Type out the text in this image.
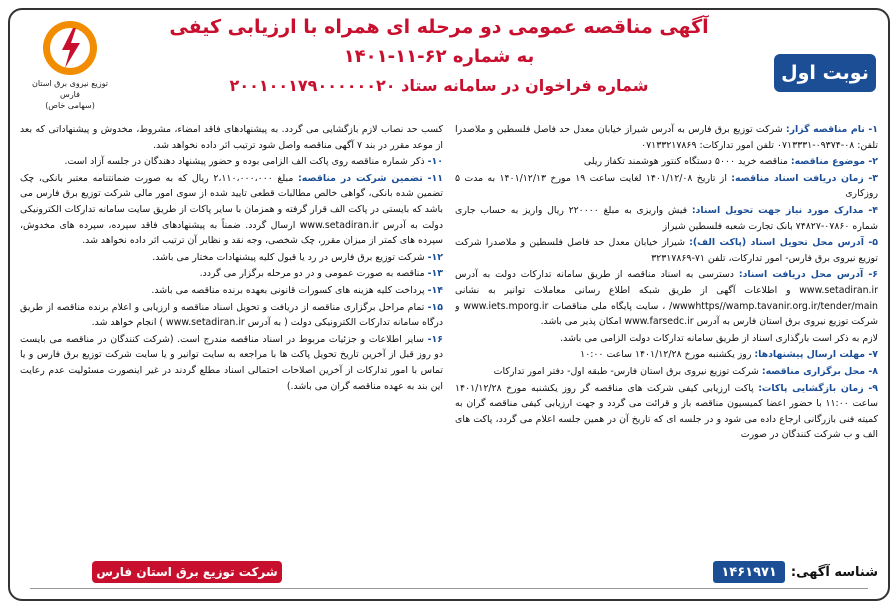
توزیع نیروی برق استان فارس
(سهامی خاص)
آگهی مناقصه عمومی دو مرحله ای همراه با ارزیابی کیفی
به شماره ۶۲-۱۱-۱۴۰۱
شماره فراخوان در سامانه ستاد ۲۰۰۱۰۰۱۷۹۰۰۰۰۰۰۲۰
نوبت اول

۱- نام مناقصه گزار: شرکت توزیع برق فارس به آدرس شیراز خیابان معدل حد فاصل فلسطین و ملاصدرا تلفن: ۰۸-۰۹۳۷۴-۰۷۱۳۳۳۱ تلفن امور تدارکات: ۰۷۱۳۳۲۱۷۸۶۹

۲- موضوع مناقصه: مناقصه خرید ۵۰۰۰ دستگاه کنتور هوشمند تکفاز ریلی

۳- زمان دریافت اسناد مناقصه: از تاریخ ۱۴۰۱/۱۲/۰۸ لغایت ساعت ۱۹ مورخ ۱۴۰۱/۱۲/۱۳ به مدت ۵ روزکاری

۴- مدارک مورد نیاز جهت تحویل اسناد: فیش واریزی به مبلغ ۲۲۰۰۰۰ ریال واریز به حساب جاری شماره ۰۷۸۶۰-۷۴۸۲۷ بانک تجارت شعبه فلسطین شیراز

۵- آدرس محل تحویل اسناد (پاکت الف): شیراز خیابان معدل حد فاصل فلسطین و ملاصدرا شرکت توزیع نیروی برق فارس- امور تدارکات، تلفن ۷۱-۳۲۳۱۷۸۶۹

۶- آدرس محل دریافت اسناد: دسترسی به اسناد مناقصه از طریق سامانه تدارکات دولت به آدرس www.setadiran.ir و اطلاعات آگهی از طریق شبکه اطلاع رسانی معاملات توانیر به نشانی wwwhttps//wamp.tavanir.org.ir/tender/main/ ، سایت پایگاه ملی مناقصات www.iets.mporg.ir و شرکت توزیع نیروی برق استان فارس به آدرس www.farsedc.ir امکان پذیر می باشد.

لازم به ذکر است بارگذاری اسناد از طریق سامانه تدارکات دولت الزامی می باشد.

۷- مهلت ارسال پیشنهادها: روز یکشنبه مورخ ۱۴۰۱/۱۲/۲۸ ساعت ۱۰:۰۰

۸- محل برگزاری مناقصه: شرکت توزیع نیروی برق استان فارس- طبقه اول- دفتر امور تدارکات

۹- زمان بازگشایی پاکات: پاکت ارزیابی کیفی شرکت های مناقصه گر روز یکشنبه مورخ ۱۴۰۱/۱۲/۲۸ ساعت ۱۱:۰۰ با حضور اعضا کمیسیون مناقصه باز و قرائت می گردد و جهت ارزیابی کیفی مناقصه گران به کمیته فنی بازرگانی ارجاع داده می شود و در جلسه ای که تاریخ آن در همین جلسه اعلام می گردد، پاکت های الف و ب شرکت کنندگان در صورت

کسب حد نصاب لازم بازگشایی می گردد. به پیشنهادهای فاقد امضاء، مشروط، مخدوش و پیشنهاداتی که بعد از موعد مقرر در بند ۷ آگهی مناقصه واصل شود ترتیب اثر داده نخواهد شد.

۱۰- ذکر شماره مناقصه روی پاکت الف الزامی بوده و حضور پیشنهاد دهندگان در جلسه آزاد است.

۱۱- تضمین شرکت در مناقصه: مبلغ ۲،۱۱۰،۰۰۰،۰۰۰ ریال که به صورت ضمانتنامه معتبر بانکی، چک تضمین شده بانکی، گواهی خالص مطالبات قطعی تایید شده از سوی امور مالی شرکت توزیع برق فارس می باشد که بایستی در پاکت الف قرار گرفته و همزمان با سایر پاکات از طریق سایت سامانه تدارکات الکترونیکی دولت به آدرس www.setadiran.ir ارسال گردد. ضمناً به پیشنهادهای فاقد سپرده، سپرده های مخدوش، سپرده های کمتر از میزان مقرر، چک شخصی، وجه نقد و نظایر آن ترتیب اثر داده نخواهد شد.

۱۲- شرکت توزیع برق فارس در رد یا قبول کلیه پیشنهادات مختار می باشد.

۱۳- مناقصه به صورت عمومی و در دو مرحله برگزار می گردد.

۱۴- پرداخت کلیه هزینه های کسورات قانونی بعهده برنده مناقصه می باشد.

۱۵- تمام مراحل برگزاری مناقصه از دریافت و تحویل اسناد مناقصه و ارزیابی و اعلام برنده مناقصه از طریق درگاه سامانه تدارکات الکترونیکی دولت ( به آدرس www.setadiran.ir ) انجام خواهد شد.

۱۶- سایر اطلاعات و جزئیات مربوط در اسناد مناقصه مندرج است. (شرکت کنندگان در مناقصه می بایست دو روز قبل از آخرین تاریخ تحویل پاکت ها با مراجعه به سایت توانیر و یا سایت شرکت توزیع برق فارس و یا تماس با امور تدارکات از آخرین اصلاحات احتمالی اسناد مطلع گردند در غیر اینصورت مسئولیت عدم رعایت این بند به عهده مناقصه گران می باشد.)

شناسه آگهی:
۱۴۶۱۹۷۱
شرکت توزیع برق استان فارس
